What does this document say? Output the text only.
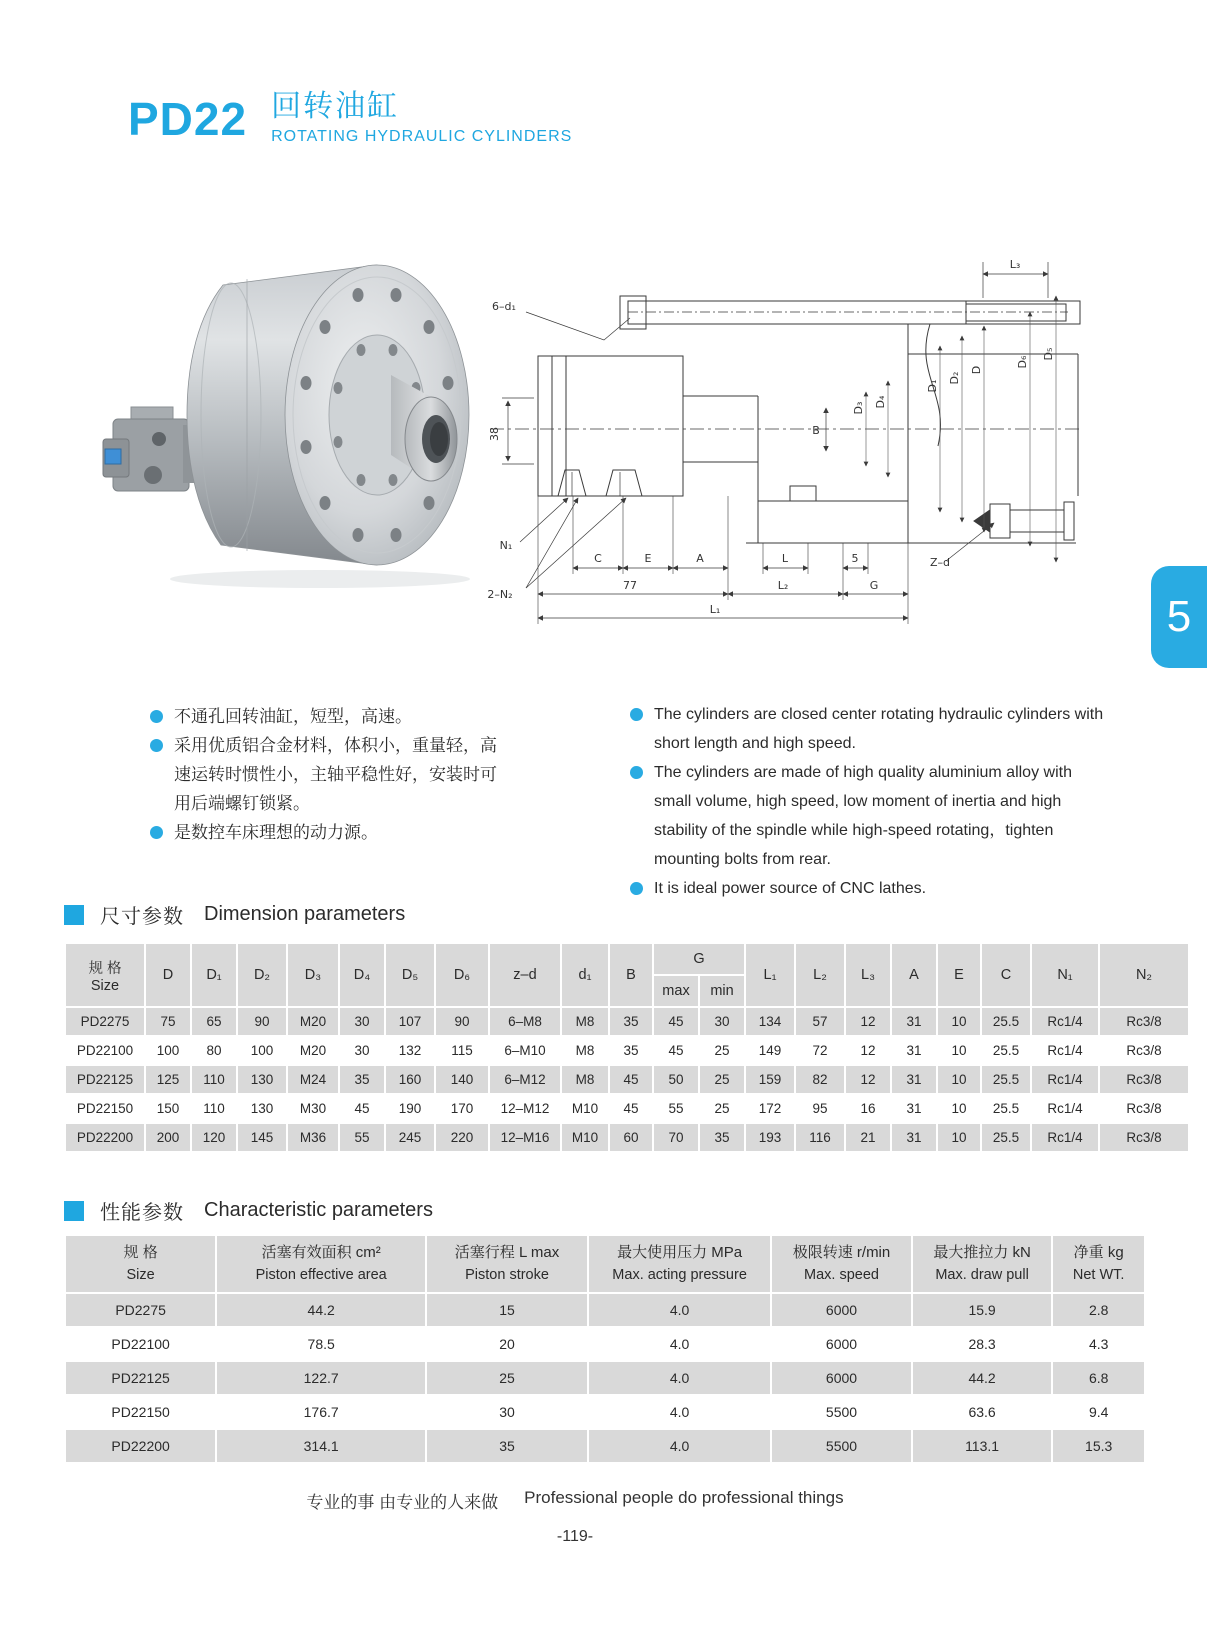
PD22 回转油缸
ROTATING HYDRAULIC CYLINDERS
L₃
6–d₁
38
N₁
2–N₂
C	E	A	L	5
77	L₂	G
L₁
Z–d
B
D₃ D₄
D₁
D₂
D
D₆
D₅
5
不通孔回转油缸，短型，高速。
采用优质铝合金材料，体积小，重量轻，高速运转时惯性小，主轴平稳性好，安装时可用后端螺钉锁紧。
是数控车床理想的动力源。
The cylinders are closed center rotating hydraulic cylinders with short length and high speed.
The cylinders are made of high quality aluminium alloy with small volume, high speed, low moment of inertia and high stability of the spindle while high-speed rotating，tighten mounting bolts from rear.
It is ideal power source of CNC lathes.
尺寸参数 Dimension parameters
规 格
Size	D	D₁	D₂	D₃	D₄	D₅	D₆	z–d	d₁	B	G		L₁	L₂	L₃	A	E	C	N₁	N₂
											max	min								
PD2275	75	65	90	M20	30	107	90	6–M8	M8	35	45	30	134	57	12	31	10	25.5	Rc1/4	Rc3/8
PD22100	100	80	100	M20	30	132	115	6–M10	M8	35	45	25	149	72	12	31	10	25.5	Rc1/4	Rc3/8
PD22125	125	110	130	M24	35	160	140	6–M12	M8	45	50	25	159	82	12	31	10	25.5	Rc1/4	Rc3/8
PD22150	150	110	130	M30	45	190	170	12–M12	M10	45	55	25	172	95	16	31	10	25.5	Rc1/4	Rc3/8
PD22200	200	120	145	M36	55	245	220	12–M16	M10	60	70	35	193	116	21	31	10	25.5	Rc1/4	Rc3/8
性能参数 Characteristic parameters
规 格
Size

活塞有效面积 cm²
Piston effective area

活塞行程 L max
Piston stroke

最大使用压力 MPa
Max. acting pressure

极限转速 r/min
Max. speed

最大推拉力 kN
Max. draw pull

净重 kg
Net WT.

PD2275	44.2	15	4.0	6000	15.9	2.8
PD22100	78.5	20	4.0	6000	28.3	4.3
PD22125	122.7	25	4.0	6000	44.2	6.8
PD22150	176.7	30	4.0	5500	63.6	9.4
PD22200	314.1	35	4.0	5500	113.1	15.3
专业的事 由专业的人来做 Professional people do professional things
-119-
